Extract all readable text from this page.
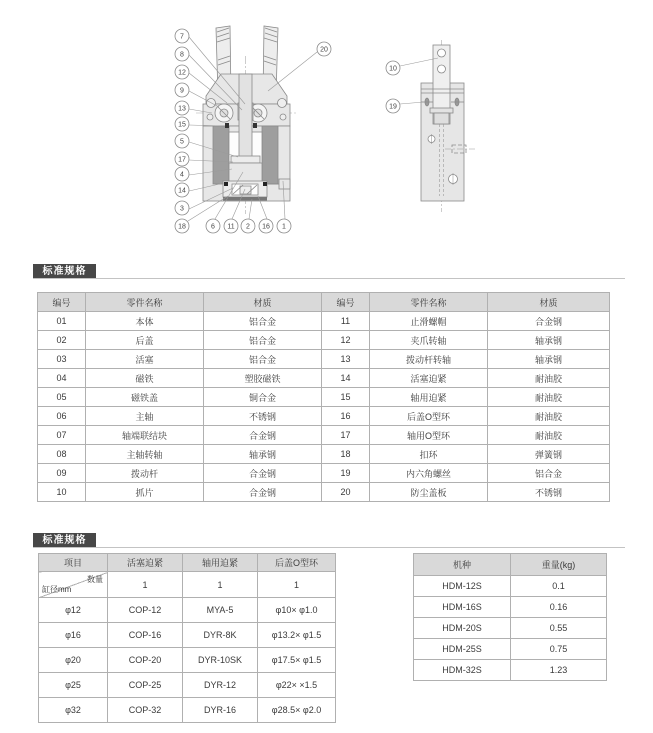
7
8
12
9
13
15
5
17
4
14
3
18	6 11 2 16 1
20
10
19
标准规格
编号	零件名称	材质	编号	零件名称	材质
01	本体	铝合金	11	止滑螺帽	合金钢
02	后盖	铝合金	12	夹爪转轴	轴承钢
03	活塞	铝合金	13	拨动杆转轴	轴承钢
04	磁铁	塑胶磁铁	14	活塞迫紧	耐油胶
05	磁铁盖	铜合金	15	轴用迫紧	耐油胶
06	主轴	不锈钢	16	后盖O型环	耐油胶
07	轴端联结块	合金钢	17	轴用O型环	耐油胶
08	主轴转轴	轴承钢	18	扣环	弹簧钢
09	拨动杆	合金钢	19	内六角螺丝	铝合金
10	抓片	合金钢	20	防尘盖板	不锈钢
标准规格
项目	活塞迫紧	轴用迫紧	后盖O型环

数量
缸径mm	1	1	1
φ12	COP-12	MYA-5	φ10× φ1.0
φ16	COP-16	DYR-8K	φ13.2× φ1.5
φ20	COP-20	DYR-10SK	φ17.5× φ1.5
φ25	COP-25	DYR-12	φ22× ×1.5
φ32	COP-32	DYR-16	φ28.5× φ2.0
机种	重量(kg)
HDM-12S	0.1
HDM-16S	0.16
HDM-20S	0.55
HDM-25S	0.75
HDM-32S	1.23
